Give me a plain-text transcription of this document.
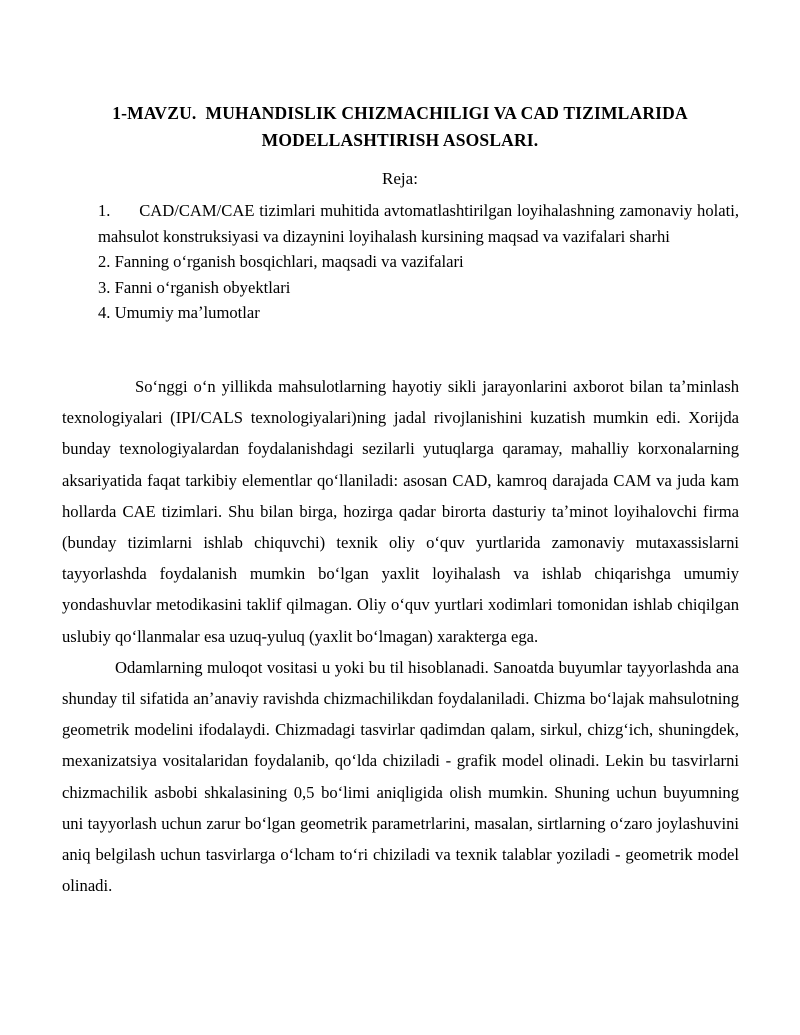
1-MAVZU.  MUHANDISLIK CHIZMACHILIGI VA CAD TIZIMLARIDA
MODELLASHTIRISH ASOSLARI.
Reja:

1. CAD/CAM/CAE tizimlari muhitida avtomatlashtirilgan loyihalashning zamonaviy holati, mahsulot konstruksiyasi va dizaynini loyihalash kursining maqsad va vazifalari sharhi

2. Fanning oʻrganish bosqichlari, maqsadi va vazifalari

3. Fanni oʻrganish obyektlari

4. Umumiy maʼlumotlar

Soʻnggi oʻn yillikda mahsulotlarning hayotiy sikli jarayonlarini axborot bilan taʼminlash texnologiyalari (IPI/CALS texnologiyalari)ning jadal rivojlanishini kuzatish mumkin edi. Xorijda bunday texnologiyalardan foydalanishdagi sezilarli yutuqlarga qaramay, mahalliy korxonalarning aksariyatida faqat tarkibiy elementlar qoʻllaniladi: asosan CAD, kamroq darajada CAM va juda kam hollarda CAE tizimlari. Shu bilan birga, hozirga qadar birorta dasturiy taʼminot loyihalovchi firma (bunday tizimlarni ishlab chiquvchi) texnik oliy oʻquv yurtlarida zamonaviy mutaxassislarni tayyorlashda foydalanish mumkin boʻlgan yaxlit loyihalash va ishlab chiqarishga umumiy yondashuvlar metodikasini taklif qilmagan. Oliy oʻquv yurtlari xodimlari tomonidan ishlab chiqilgan uslubiy qoʻllanmalar esa uzuq-yuluq (yaxlit boʻlmagan) xarakterga ega.

Odamlarning muloqot vositasi u yoki bu til hisoblanadi. Sanoatda buyumlar tayyorlashda ana shunday til sifatida anʼanaviy ravishda chizmachilikdan foydalaniladi. Chizma boʻlajak mahsulotning geometrik modelini ifodalaydi. Chizmadagi tasvirlar qadimdan qalam, sirkul, chizgʻich, shuningdek, mexanizatsiya vositalaridan foydalanib, qoʻlda chiziladi - grafik model olinadi. Lekin bu tasvirlarni chizmachilik asbobi shkalasining 0,5 boʻlimi aniqligida olish mumkin. Shuning uchun buyumning uni tayyorlash uchun zarur boʻlgan geometrik parametrlarini, masalan, sirtlarning oʻzaro joylashuvini aniq belgilash uchun tasvirlarga oʻlcham toʻri chiziladi va texnik talablar yoziladi - geometrik model olinadi.
